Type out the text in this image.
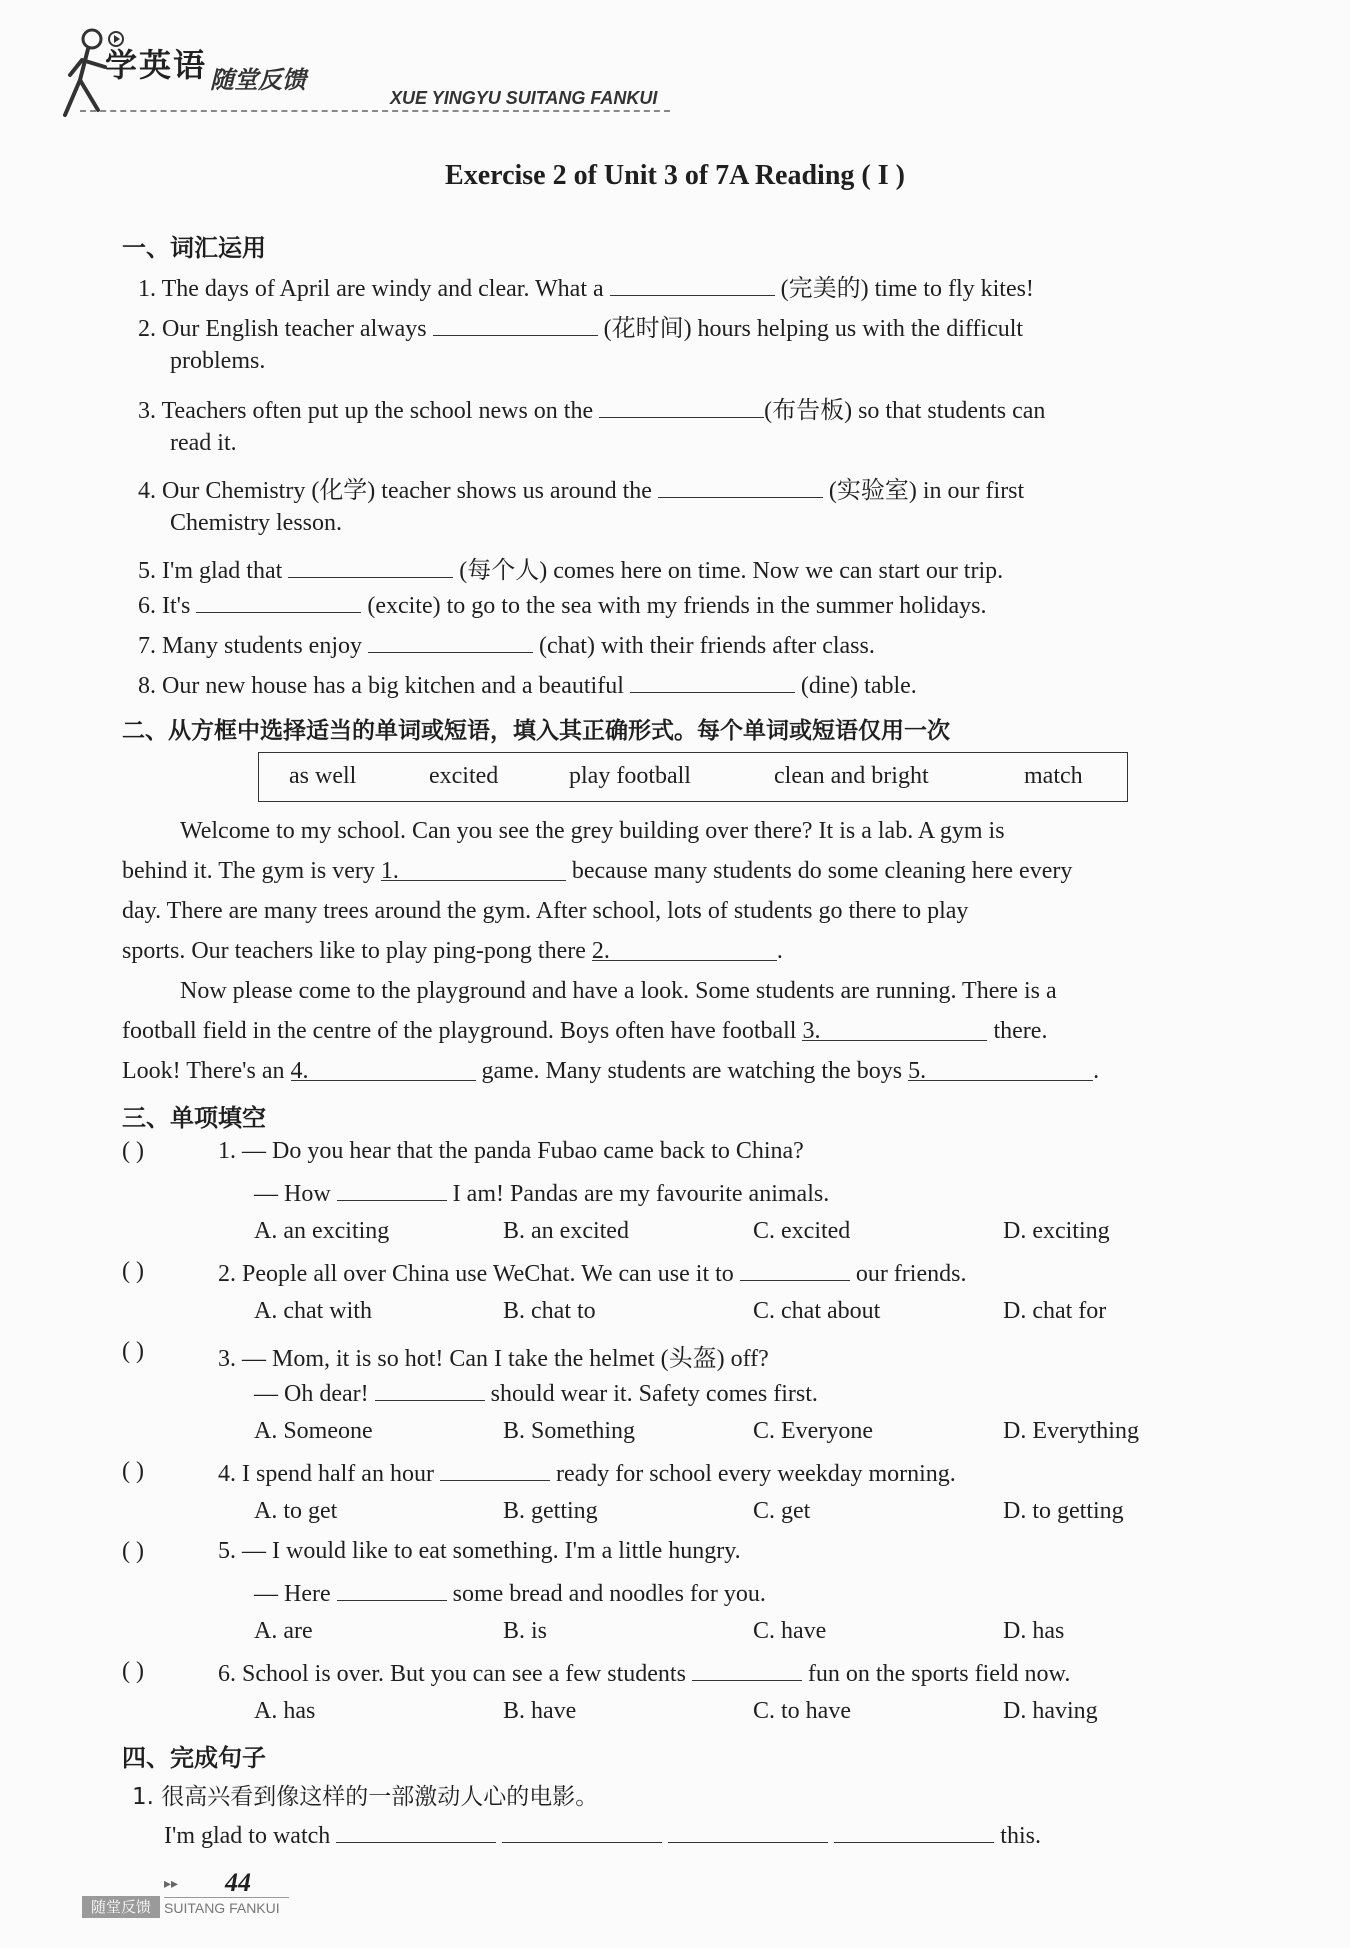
学英语 随堂反馈
XUE YINGYU SUITANG FANKUI
Exercise 2 of Unit 3 of 7A Reading ( I )
一、词汇运用
1. The days of April are windy and clear. What a	(完美的) time to fly kites!
2. Our English teacher always	(花时间) hours helping us with the difficult
problems.
3. Teachers often put up the school news on the	(布告板) so that students can
read it.
4. Our Chemistry (化学) teacher shows us around the	(实验室) in our first
Chemistry lesson.
5. I'm glad that	(每个人) comes here on time. Now we can start our trip.
6. It's	(excite) to go to the sea with my friends in the summer holidays.
7. Many students enjoy	(chat) with their friends after class.
8. Our new house has a big kitchen and a beautiful	(dine) table.
二、从方框中选择适当的单词或短语，填入其正确形式。每个单词或短语仅用一次
as well	excited	play football	clean and bright	match
Welcome to my school. Can you see the grey building over there? It is a lab. A gym is
behind it. The gym is very 1.	because many students do some cleaning here every
day. There are many trees around the gym. After school, lots of students go there to play
sports. Our teachers like to play ping-pong there 2.	.
Now please come to the playground and have a look. Some students are running. There is a
football field in the centre of the playground. Boys often have football 3.	there.
Look! There's an 4.	game. Many students are watching the boys 5.	.
三、单项填空
( )	1. — Do you hear that the panda Fubao came back to China?
— How	I am! Pandas are my favourite animals.
A. an exciting	B. an excited	C. excited	D. exciting
( )	2. People all over China use WeChat. We can use it to	our friends.
A. chat with	B. chat to	C. chat about	D. chat for
( )	3. — Mom, it is so hot! Can I take the helmet (头盔) off?
— Oh dear!	should wear it. Safety comes first.
A. Someone	B. Something	C. Everyone	D. Everything
( )	4. I spend half an hour	ready for school every weekday morning.
A. to get	B. getting	C. get	D. to getting
( )	5. — I would like to eat something. I'm a little hungry.
— Here	some bread and noodles for you.
A. are	B. is	C. have	D. has
( )	6. School is over. But you can see a few students	fun on the sports field now.
A. has	B. have	C. to have	D. having
四、完成句子
1. 很高兴看到像这样的一部激动人心的电影。
I'm glad to watch	this.
▸▸ 44
随堂反馈 SUITANG FANKUI
